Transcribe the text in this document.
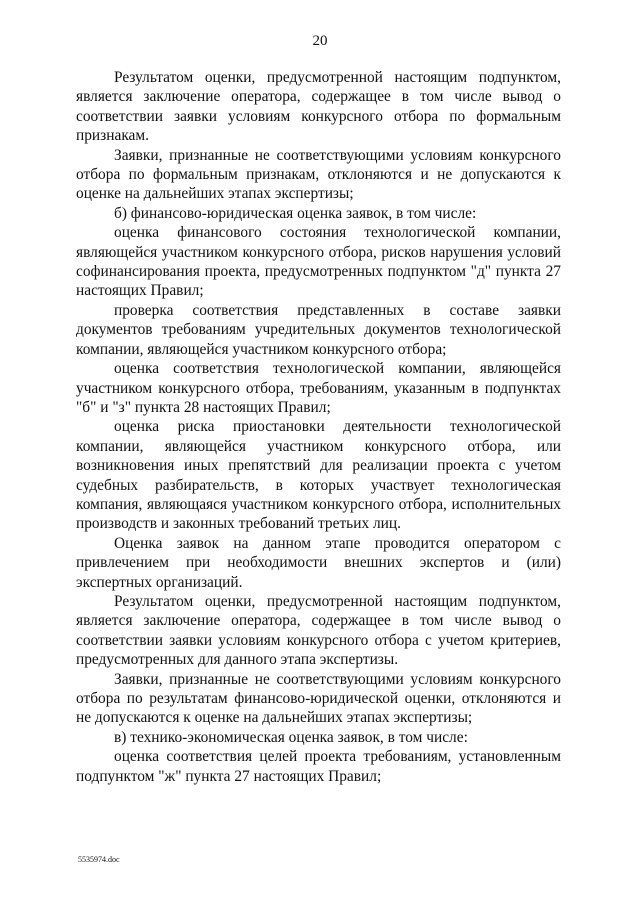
20

Результатом оценки, предусмотренной настоящим подпунктом, является заключение оператора, содержащее в том числе вывод о соответствии заявки условиям конкурсного отбора по формальным признакам.

Заявки, признанные не соответствующими условиям конкурсного отбора по формальным признакам, отклоняются и не допускаются к оценке на дальнейших этапах экспертизы;

б) финансово-юридическая оценка заявок, в том числе:

оценка финансового состояния технологической компании, являющейся участником конкурсного отбора, рисков нарушения условий софинансирования проекта, предусмотренных подпунктом "д" пункта 27 настоящих Правил;

проверка соответствия представленных в составе заявки документов требованиям учредительных документов технологической компании, являющейся участником конкурсного отбора;

оценка соответствия технологической компании, являющейся участником конкурсного отбора, требованиям, указанным в подпунктах "б" и "з" пункта 28 настоящих Правил;

оценка риска приостановки деятельности технологической компании, являющейся участником конкурсного отбора, или возникновения иных препятствий для реализации проекта с учетом судебных разбирательств, в которых участвует технологическая компания, являющаяся участником конкурсного отбора, исполнительных производств и законных требований третьих лиц.

Оценка заявок на данном этапе проводится оператором с привлечением при необходимости внешних экспертов и (или) экспертных организаций.

Результатом оценки, предусмотренной настоящим подпунктом, является заключение оператора, содержащее в том числе вывод о соответствии заявки условиям конкурсного отбора с учетом критериев, предусмотренных для данного этапа экспертизы.

Заявки, признанные не соответствующими условиям конкурсного отбора по результатам финансово-юридической оценки, отклоняются и не допускаются к оценке на дальнейших этапах экспертизы;

в) технико-экономическая оценка заявок, в том числе:

оценка соответствия целей проекта требованиям, установленным подпунктом "ж" пункта 27 настоящих Правил;

5535974.doc
